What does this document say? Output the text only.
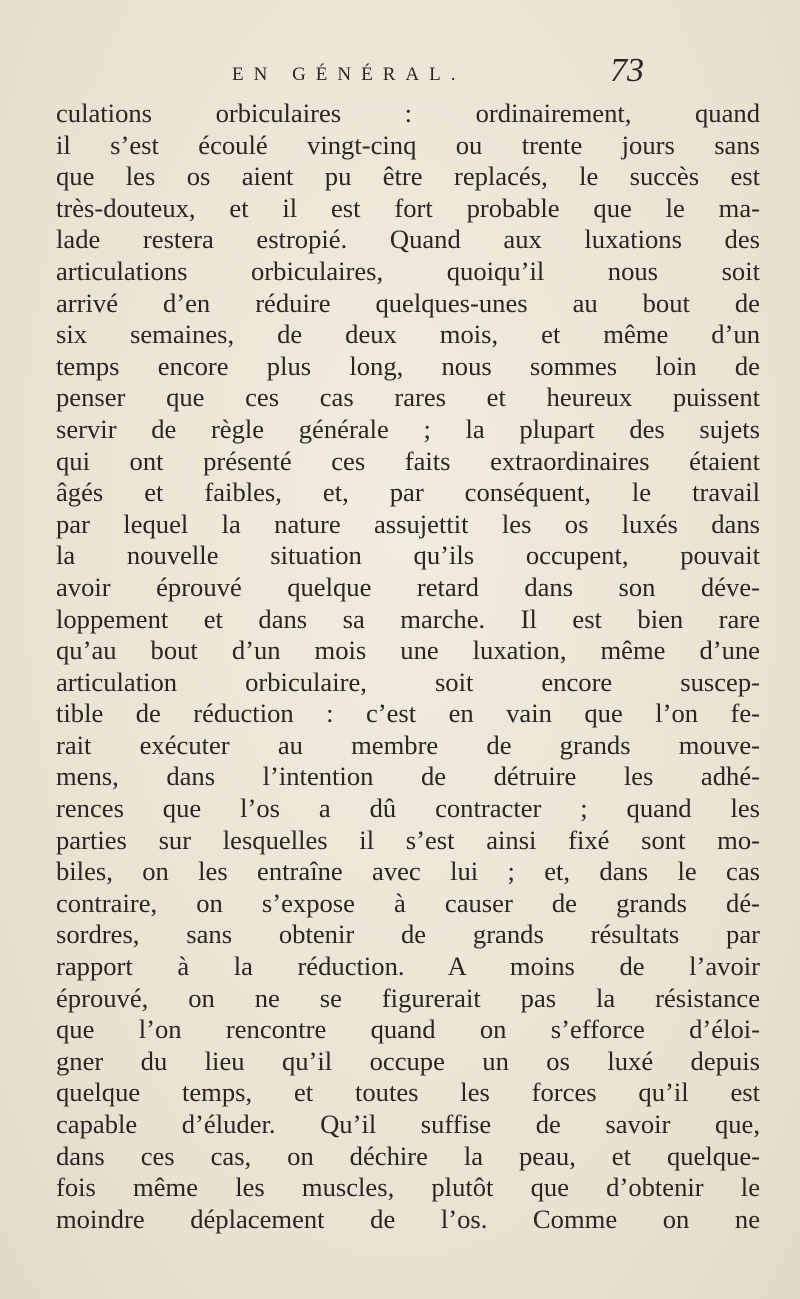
EN GÉNÉRAL.	73
culations orbiculaires : ordinairement, quand
il s’est écoulé vingt-cinq ou trente jours sans
que les os aient pu être replacés, le succès est
très-douteux, et il est fort probable que le ma-
lade restera estropié. Quand aux luxations des
articulations orbiculaires, quoiqu’il nous soit
arrivé d’en réduire quelques-unes au bout de
six semaines, de deux mois, et même d’un
temps encore plus long, nous sommes loin de
penser que ces cas rares et heureux puissent
servir de règle générale ; la plupart des sujets
qui ont présenté ces faits extraordinaires étaient
âgés et faibles, et, par conséquent, le travail
par lequel la nature assujettit les os luxés dans
la nouvelle situation qu’ils occupent, pouvait
avoir éprouvé quelque retard dans son déve-
loppement et dans sa marche. Il est bien rare
qu’au bout d’un mois une luxation, même d’une
articulation orbiculaire, soit encore suscep-
tible de réduction : c’est en vain que l’on fe-
rait exécuter au membre de grands mouve-
mens, dans l’intention de détruire les adhé-
rences que l’os a dû contracter ; quand les
parties sur lesquelles il s’est ainsi fixé sont mo-
biles, on les entraîne avec lui ; et, dans le cas
contraire, on s’expose à causer de grands dé-
sordres, sans obtenir de grands résultats par
rapport à la réduction. A moins de l’avoir
éprouvé, on ne se figurerait pas la résistance
que l’on rencontre quand on s’efforce d’éloi-
gner du lieu qu’il occupe un os luxé depuis
quelque temps, et toutes les forces qu’il est
capable d’éluder. Qu’il suffise de savoir que,
dans ces cas, on déchire la peau, et quelque-
fois même les muscles, plutôt que d’obtenir le
moindre déplacement de l’os. Comme on ne
